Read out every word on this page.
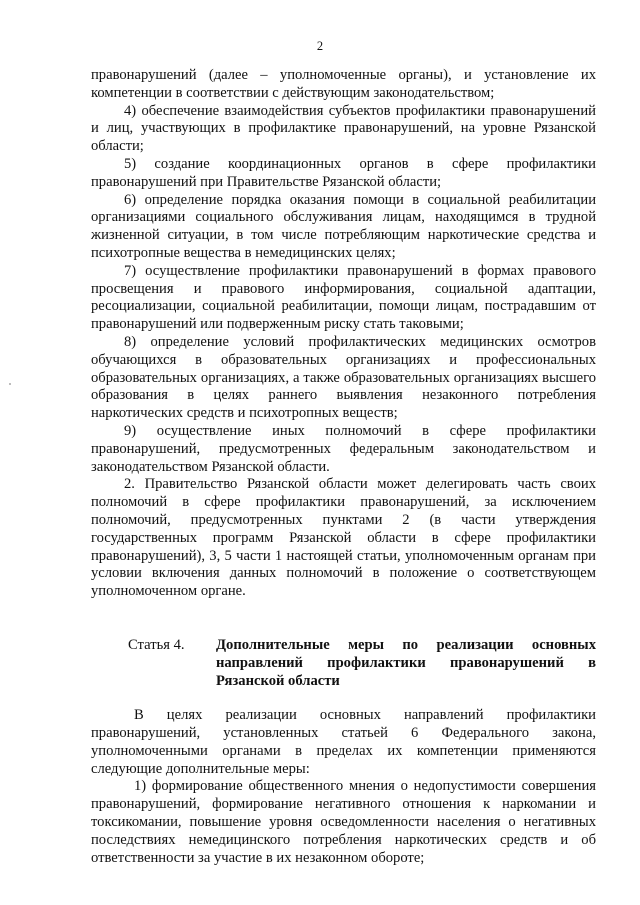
2

правонарушений (далее – уполномоченные органы), и установление их компетенции в соответствии с действующим законодательством;

4) обеспечение взаимодействия субъектов профилактики правонарушений и лиц, участвующих в профилактике правонарушений, на уровне Рязанской области;

5) создание координационных органов в сфере профилактики правонарушений при Правительстве Рязанской области;

6) определение порядка оказания помощи в социальной реабилитации организациями социального обслуживания лицам, находящимся в трудной жизненной ситуации, в том числе потребляющим наркотические средства и психотропные вещества в немедицинских целях;

7) осуществление профилактики правонарушений в формах правового просвещения и правового информирования, социальной адаптации, ресоциализации, социальной реабилитации, помощи лицам, пострадавшим от правонарушений или подверженным риску стать таковыми;

8) определение условий профилактических медицинских осмотров обучающихся в образовательных организациях и профессиональных образовательных организациях, а также образовательных организациях высшего образования в целях раннего выявления незаконного потребления наркотических средств и психотропных веществ;

9) осуществление иных полномочий в сфере профилактики правонарушений, предусмотренных федеральным законодательством и законодательством Рязанской области.

2. Правительство Рязанской области может делегировать часть своих полномочий в сфере профилактики правонарушений, за исключением полномочий, предусмотренных пунктами 2 (в части утверждения государственных программ Рязанской области в сфере профилактики правонарушений), 3, 5 части 1 настоящей статьи, уполномоченным органам при условии включения данных полномочий в положение о соответствующем уполномоченном органе.

Статья 4.	Дополнительные меры по реализации основных направлений профилактики правонарушений в Рязанской области

В целях реализации основных направлений профилактики правонарушений, установленных статьей 6 Федерального закона, уполномоченными органами в пределах их компетенции применяются следующие дополнительные меры:

1) формирование общественного мнения о недопустимости совершения правонарушений, формирование негативного отношения к наркомании и токсикомании, повышение уровня осведомленности населения о негативных последствиях немедицинского потребления наркотических средств и об ответственности за участие в их незаконном обороте;
